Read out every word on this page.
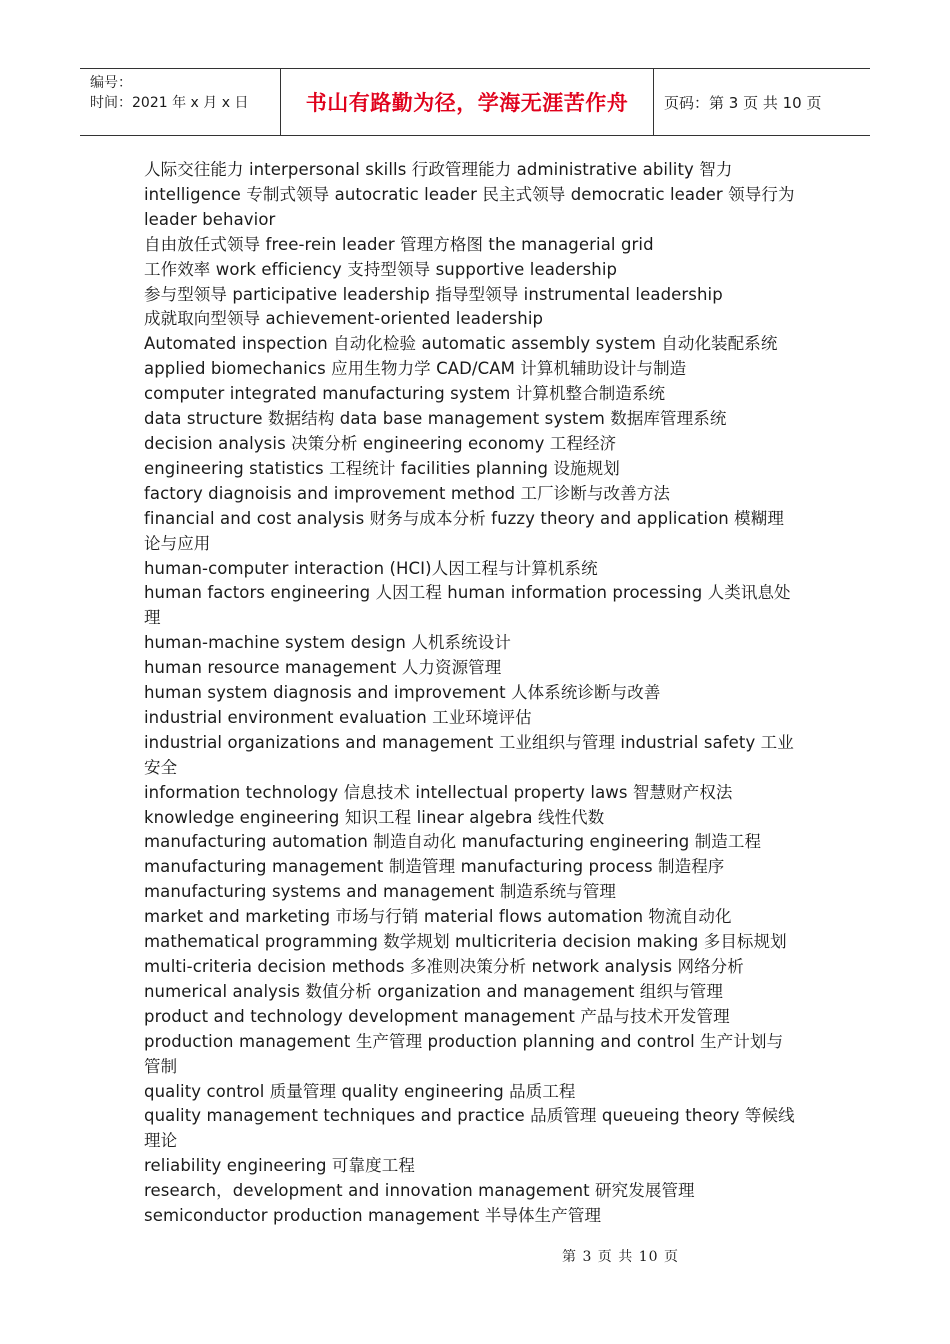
编号：
时间：2021 年 x 月 x 日	书山有路勤为径，学海无涯苦作舟	页码：第 3 页 共 10 页

人际交往能力 interpersonal skills 行政管理能力 administrative ability 智力

intelligence 专制式领导 autocratic leader 民主式领导 democratic leader 领导行为

leader behavior

自由放任式领导 free-rein leader 管理方格图 the managerial grid

工作效率 work efficiency 支持型领导 supportive leadership

参与型领导 participative leadership 指导型领导 instrumental leadership

成就取向型领导 achievement-oriented leadership

Automated inspection 自动化检验 automatic assembly system 自动化装配系统

applied biomechanics 应用生物力学 CAD/CAM 计算机辅助设计与制造

computer integrated manufacturing system 计算机整合制造系统

data structure 数据结构 data base management system 数据库管理系统

decision analysis 决策分析 engineering economy 工程经济

engineering statistics 工程统计 facilities planning 设施规划

factory diagnoisis and improvement method 工厂诊断与改善方法

financial and cost analysis 财务与成本分析 fuzzy theory and application 模糊理

论与应用

human-computer interaction (HCI)人因工程与计算机系统

human factors engineering 人因工程 human information processing 人类讯息处

理

human-machine system design 人机系统设计

human resource management 人力资源管理

human system diagnosis and improvement 人体系统诊断与改善

industrial environment evaluation 工业环境评估

industrial organizations and management 工业组织与管理 industrial safety 工业

安全

information technology 信息技术 intellectual property laws 智慧财产权法

knowledge engineering 知识工程 linear algebra 线性代数

manufacturing automation 制造自动化 manufacturing engineering 制造工程

manufacturing management 制造管理 manufacturing process 制造程序

manufacturing systems and management 制造系统与管理

market and marketing 市场与行销 material flows automation 物流自动化

mathematical programming 数学规划 multicriteria decision making 多目标规划

multi-criteria decision methods 多准则决策分析 network analysis 网络分析

numerical analysis 数值分析 organization and management 组织与管理

product and technology development management 产品与技术开发管理

production management 生产管理 production planning and control 生产计划与

管制

quality control 质量管理 quality engineering 品质工程

quality management techniques and practice 品质管理 queueing theory 等候线

理论

reliability engineering 可靠度工程

research，development and innovation management 研究发展管理

semiconductor production management 半导体生产管理

第 3 页 共 10 页
